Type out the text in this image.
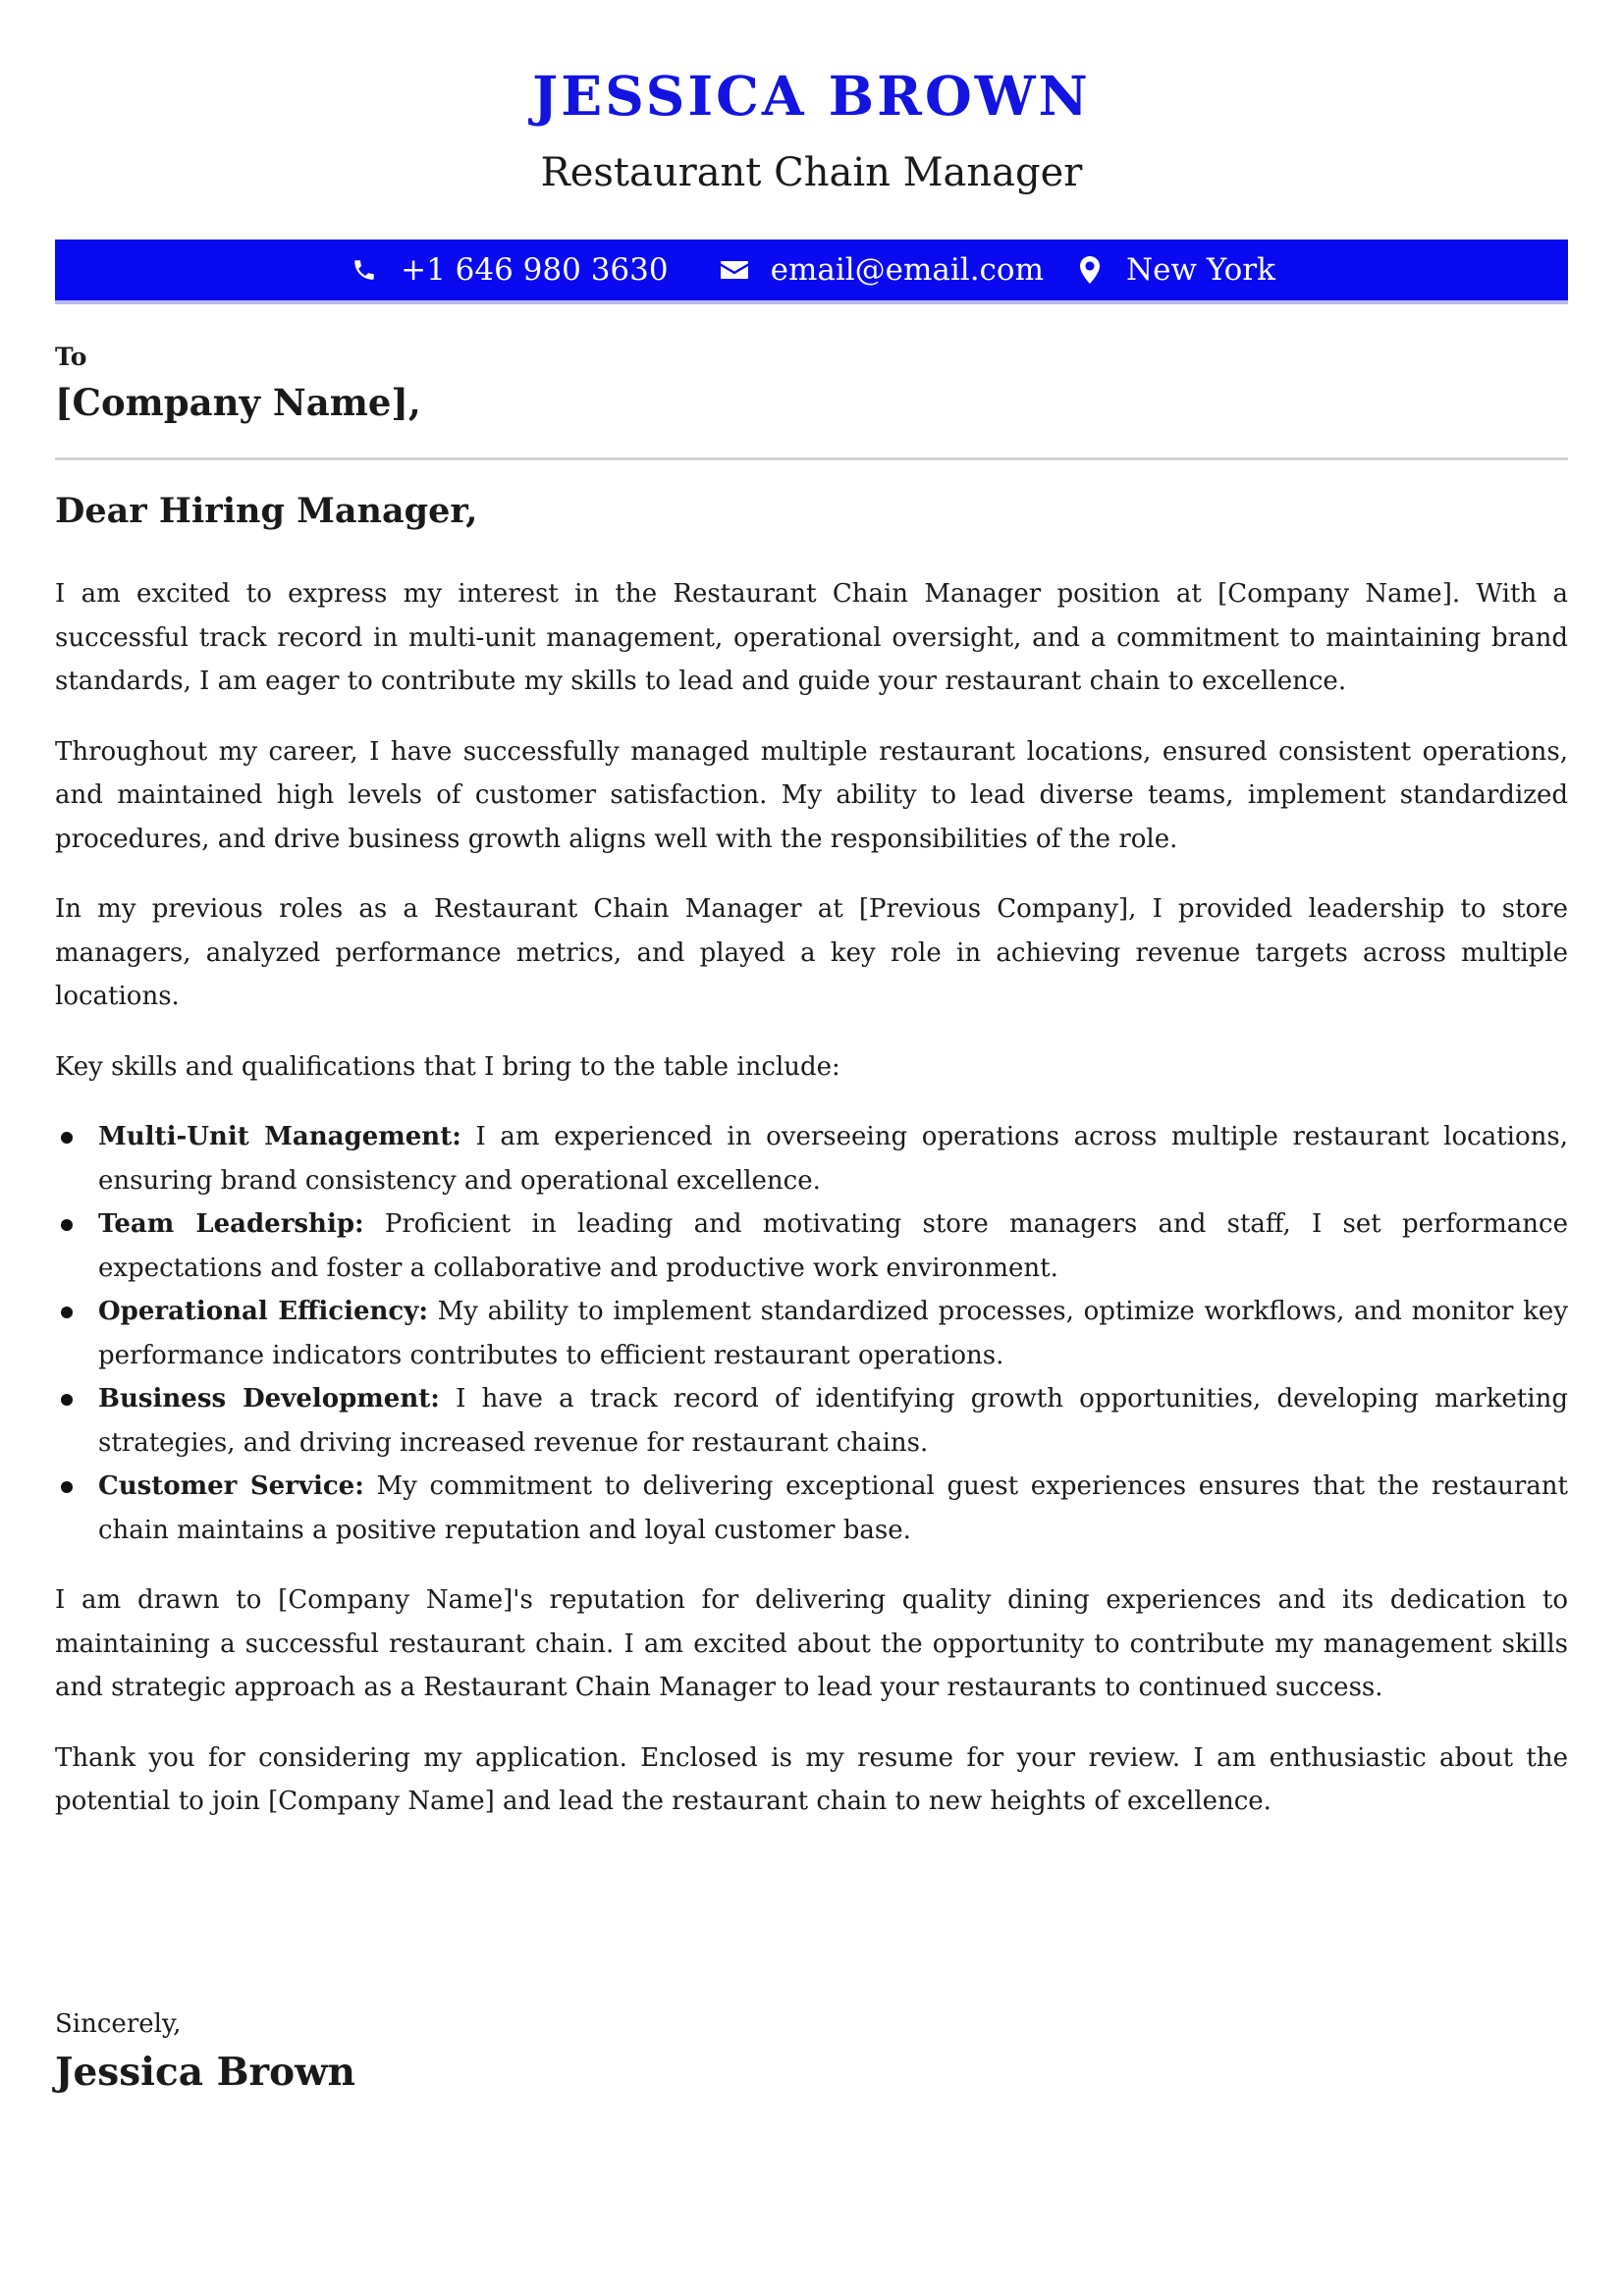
JESSICA BROWN
Restaurant Chain Manager
+1 646 980 3630	email@email.com	New York
To
[Company Name],
Dear Hiring Manager,

I am excited to express my interest in the Restaurant Chain Manager position at [Company Name]. With a successful track record in multi-unit management, operational oversight, and a commitment to maintaining brand standards, I am eager to contribute my skills to lead and guide your restaurant chain to excellence.

Throughout my career, I have successfully managed multiple restaurant locations, ensured consistent operations, and maintained high levels of customer satisfaction. My ability to lead diverse teams, implement standardized procedures, and drive business growth aligns well with the responsibilities of the role.

In my previous roles as a Restaurant Chain Manager at [Previous Company], I provided leadership to store managers, analyzed performance metrics, and played a key role in achieving revenue targets across multiple locations.

Key skills and qualifications that I bring to the table include:

Multi-Unit Management: I am experienced in overseeing operations across multiple restaurant locations, ensuring brand consistency and operational excellence.
Team Leadership: Proficient in leading and motivating store managers and staff, I set performance expectations and foster a collaborative and productive work environment.
Operational Efficiency: My ability to implement standardized processes, optimize workflows, and monitor key performance indicators contributes to efficient restaurant operations.
Business Development: I have a track record of identifying growth opportunities, developing marketing strategies, and driving increased revenue for restaurant chains.
Customer Service: My commitment to delivering exceptional guest experiences ensures that the restaurant chain maintains a positive reputation and loyal customer base.

I am drawn to [Company Name]'s reputation for delivering quality dining experiences and its dedication to maintaining a successful restaurant chain. I am excited about the opportunity to contribute my management skills and strategic approach as a Restaurant Chain Manager to lead your restaurants to continued success.

Thank you for considering my application. Enclosed is my resume for your review. I am enthusiastic about the potential to join [Company Name] and lead the restaurant chain to new heights of excellence.

Sincerely,
Jessica Brown
